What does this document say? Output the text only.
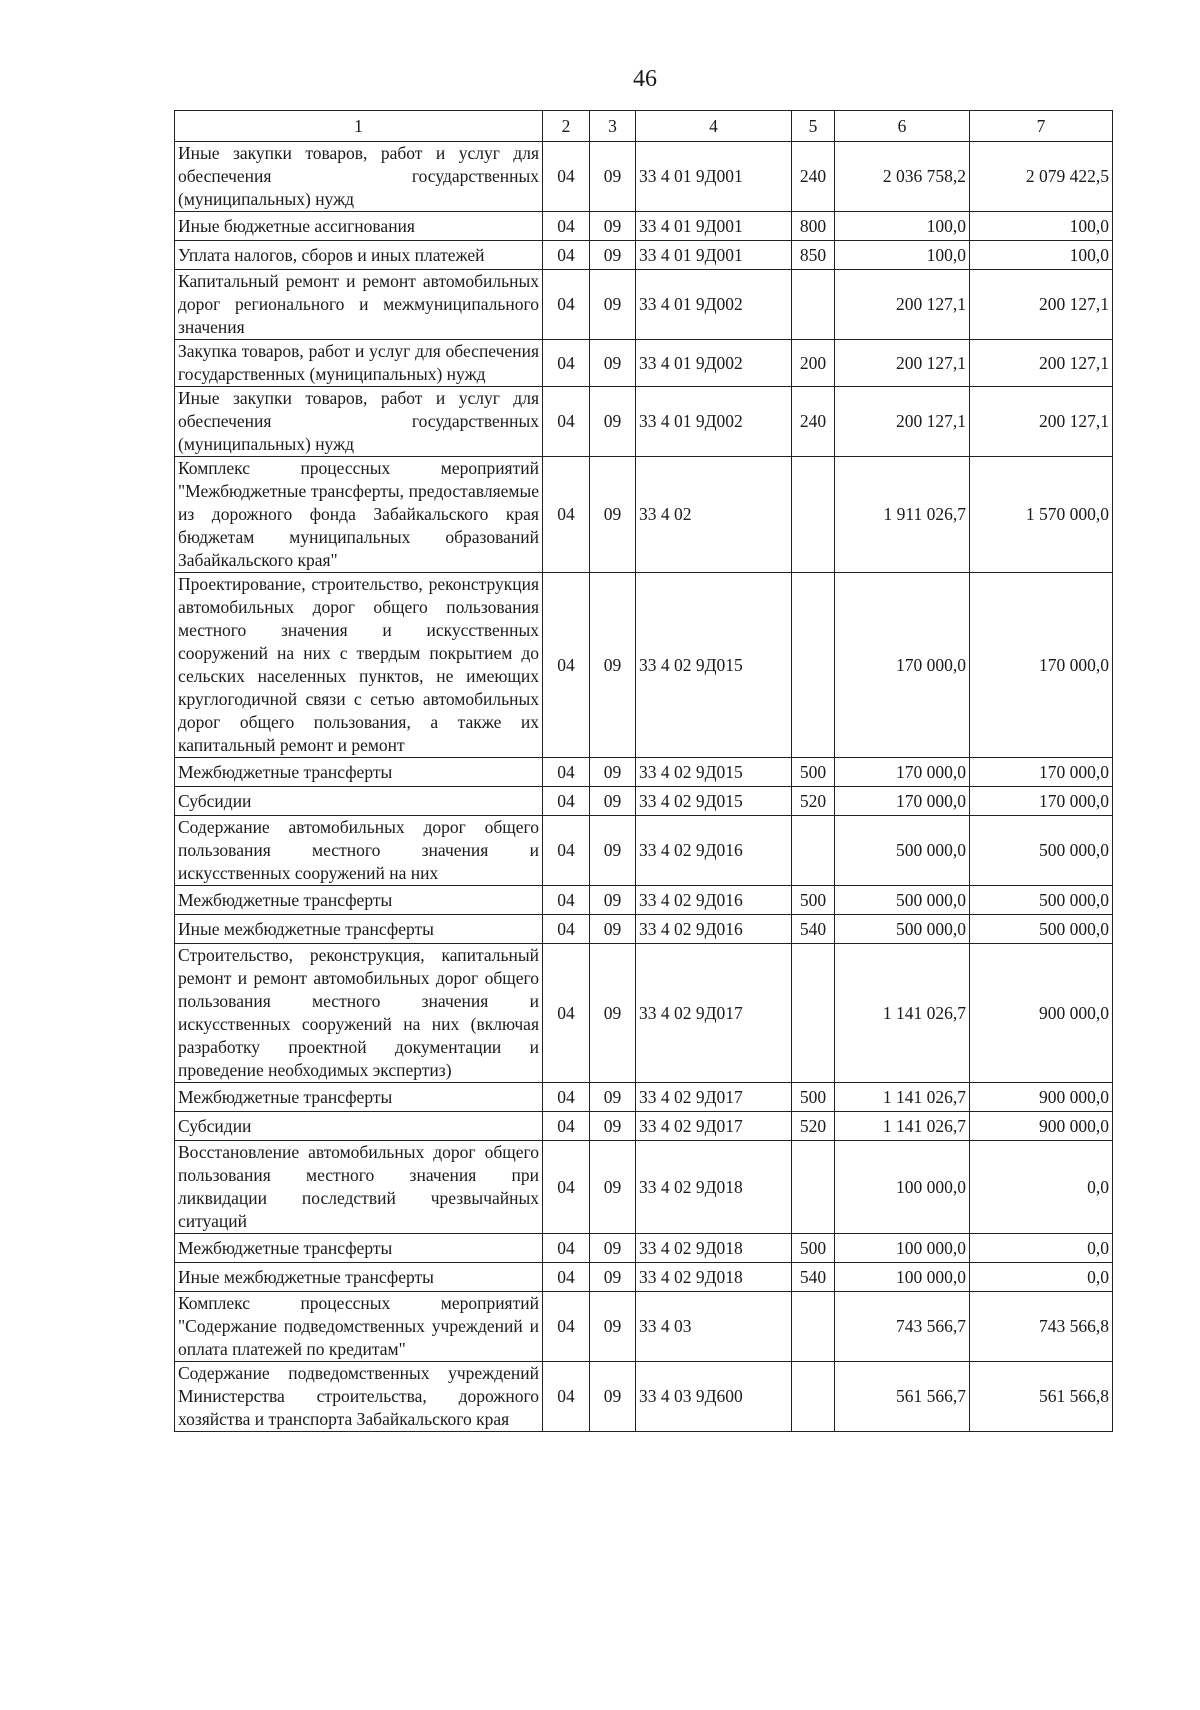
46
1	2	3	4	5	6	7
Иные закупки товаров, работ и услуг для обеспечения государственных (муниципальных) нужд	04	09	33 4 01 9Д001	240	2 036 758,2	2 079 422,5
Иные бюджетные ассигнования	04	09	33 4 01 9Д001	800	100,0	100,0
Уплата налогов, сборов и иных платежей	04	09	33 4 01 9Д001	850	100,0	100,0
Капитальный ремонт и ремонт автомобильных дорог регионального и межмуниципального значения	04	09	33 4 01 9Д002		200 127,1	200 127,1
Закупка товаров, работ и услуг для обеспечения государственных (муниципальных) нужд	04	09	33 4 01 9Д002	200	200 127,1	200 127,1
Иные закупки товаров, работ и услуг для обеспечения государственных (муниципальных) нужд	04	09	33 4 01 9Д002	240	200 127,1	200 127,1
Комплекс процессных мероприятий "Межбюджетные трансферты, предоставляемые из дорожного фонда Забайкальского края бюджетам муниципальных образований Забайкальского края"	04	09	33 4 02		1 911 026,7	1 570 000,0
Проектирование, строительство, реконструкция автомобильных дорог общего пользования местного значения и искусственных сооружений на них с твердым покрытием до сельских населенных пунктов, не имеющих круглогодичной связи с сетью автомобильных дорог общего пользования, а также их капитальный ремонт и ремонт	04	09	33 4 02 9Д015		170 000,0	170 000,0
Межбюджетные трансферты	04	09	33 4 02 9Д015	500	170 000,0	170 000,0
Субсидии	04	09	33 4 02 9Д015	520	170 000,0	170 000,0
Содержание автомобильных дорог общего пользования местного значения и искусственных сооружений на них	04	09	33 4 02 9Д016		500 000,0	500 000,0
Межбюджетные трансферты	04	09	33 4 02 9Д016	500	500 000,0	500 000,0
Иные межбюджетные трансферты	04	09	33 4 02 9Д016	540	500 000,0	500 000,0
Строительство, реконструкция, капитальный ремонт и ремонт автомобильных дорог общего пользования местного значения и искусственных сооружений на них (включая разработку проектной документации и проведение необходимых экспертиз)	04	09	33 4 02 9Д017		1 141 026,7	900 000,0
Межбюджетные трансферты	04	09	33 4 02 9Д017	500	1 141 026,7	900 000,0
Субсидии	04	09	33 4 02 9Д017	520	1 141 026,7	900 000,0
Восстановление автомобильных дорог общего пользования местного значения при ликвидации последствий чрезвычайных ситуаций	04	09	33 4 02 9Д018		100 000,0	0,0
Межбюджетные трансферты	04	09	33 4 02 9Д018	500	100 000,0	0,0
Иные межбюджетные трансферты	04	09	33 4 02 9Д018	540	100 000,0	0,0
Комплекс процессных мероприятий "Содержание подведомственных учреждений и оплата платежей по кредитам"	04	09	33 4 03		743 566,7	743 566,8
Содержание подведомственных учреждений Министерства строительства, дорожного хозяйства и транспорта Забайкальского края	04	09	33 4 03 9Д600		561 566,7	561 566,8
